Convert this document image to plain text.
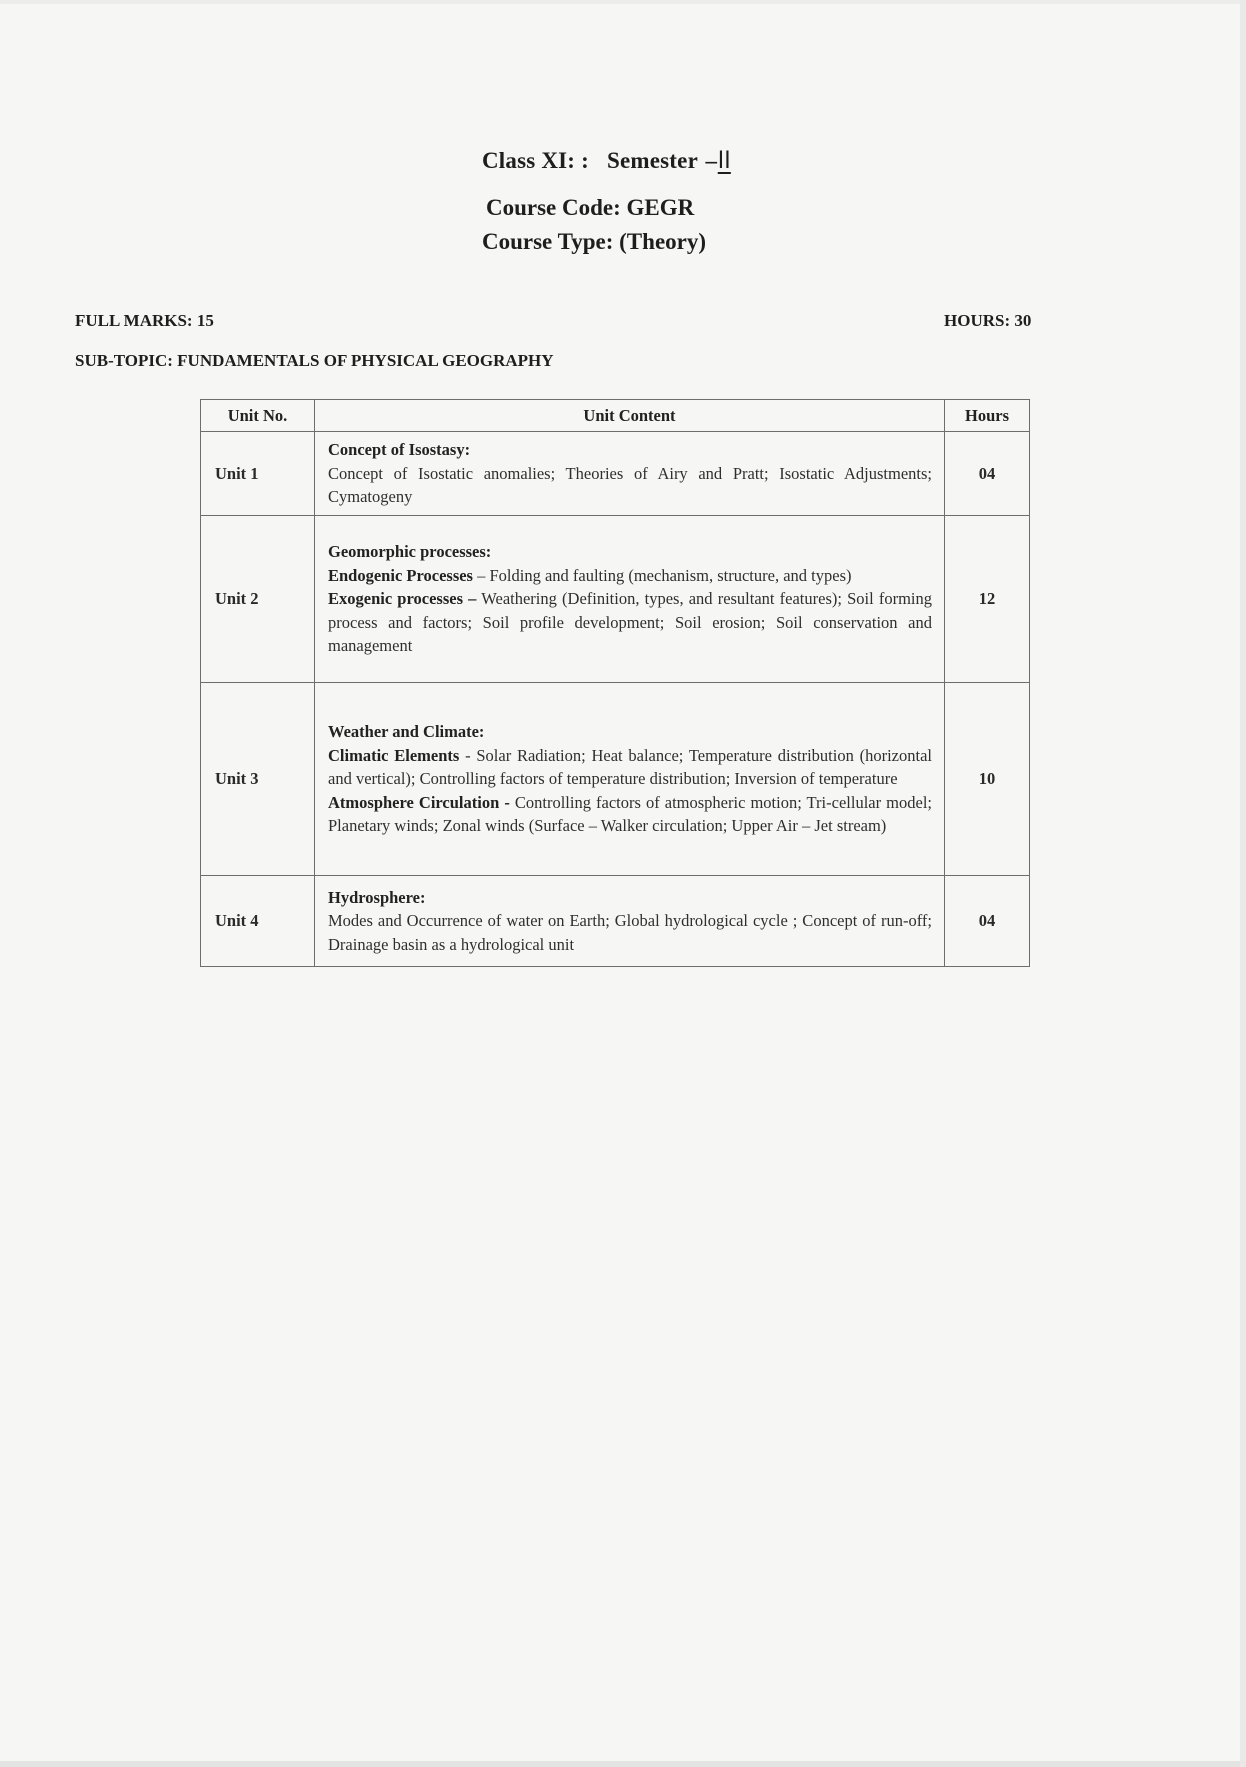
Class XI: : Semester –II
Course Code: GEGR
Course Type: (Theory)
FULL MARKS: 15	HOURS: 30
SUB-TOPIC: FUNDAMENTALS OF PHYSICAL GEOGRAPHY
Unit No.	Unit Content	Hours
Unit 1	Concept of Isostasy:
Concept of Isostatic anomalies; Theories of Airy and Pratt; Isostatic Adjustments; Cymatogeny	04
Unit 2	Geomorphic processes:
Endogenic Processes – Folding and faulting (mechanism, structure, and types)
Exogenic processes – Weathering (Definition, types, and resultant features); Soil forming process and factors; Soil profile development; Soil erosion; Soil conservation and management	12
Unit 3	Weather and Climate:
Climatic Elements - Solar Radiation; Heat balance; Temperature distribution (horizontal and vertical); Controlling factors of temperature distribution; Inversion of temperature
Atmosphere Circulation - Controlling factors of atmospheric motion; Tri-cellular model; Planetary winds; Zonal winds (Surface – Walker circulation; Upper Air – Jet stream)	10
Unit 4	Hydrosphere:
Modes and Occurrence of water on Earth; Global hydrological cycle ; Concept of run-off; Drainage basin as a hydrological unit	04
